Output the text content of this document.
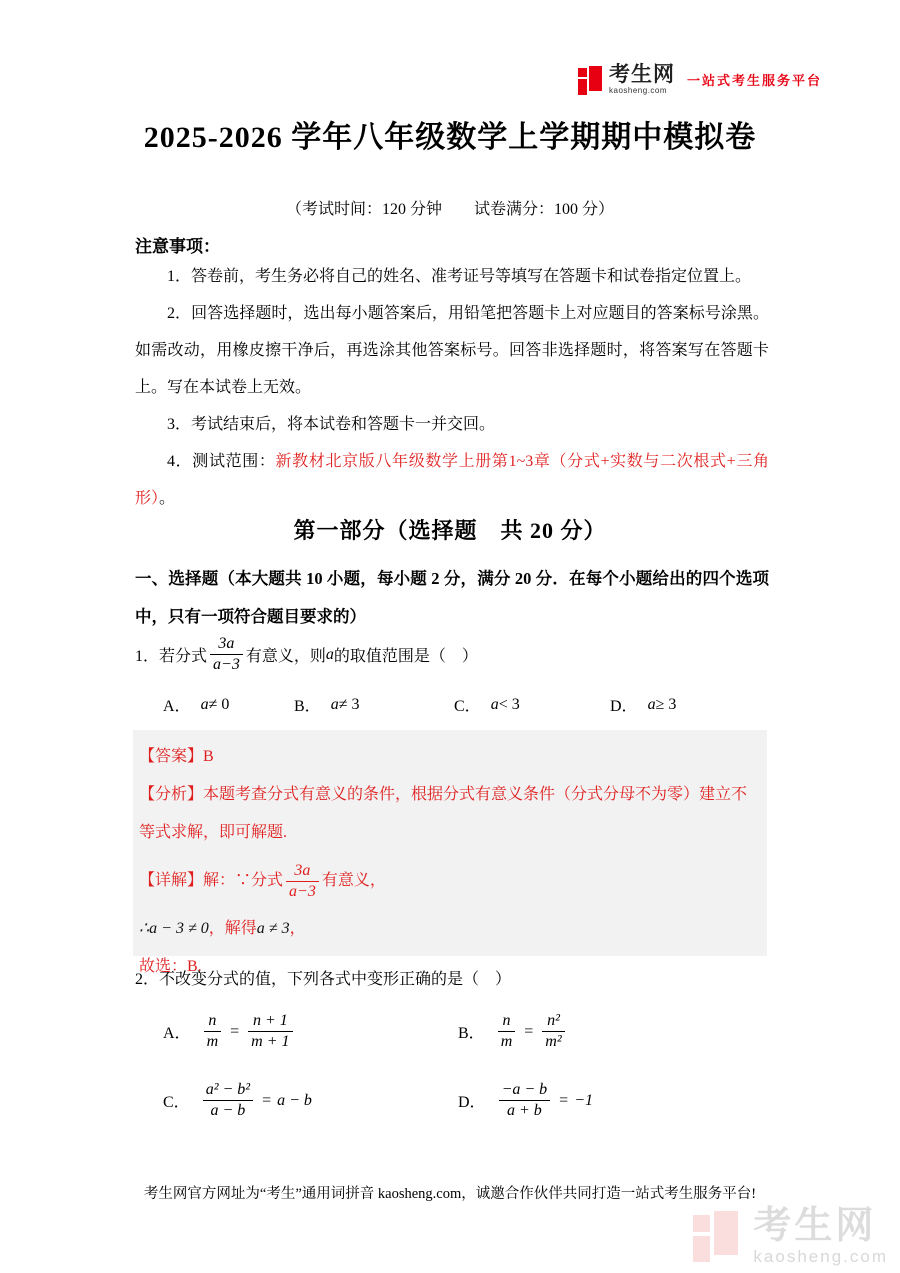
考生网
kaosheng.com
一站式考生服务平台
2025-2026 学年八年级数学上学期期中模拟卷
（考试时间：120 分钟　　试卷满分：100 分）
注意事项：

1．答卷前，考生务必将自己的姓名、准考证号等填写在答题卡和试卷指定位置上。

2．回答选择题时，选出每小题答案后，用铅笔把答题卡上对应题目的答案标号涂黑。如需改动，用橡皮擦干净后，再选涂其他答案标号。回答非选择题时，将答案写在答题卡上。写在本试卷上无效。

3．考试结束后，将本试卷和答题卡一并交回。

4．测试范围：新教材北京版八年级数学上册第1~3章（分式+实数与二次根式+三角形）。

第一部分（选择题　共 20 分）
一、选择题（本大题共 10 小题，每小题 2 分，满分 20 分．在每个小题给出的四个选项中，只有一项符合题目要求的）
1． 若分式 $\frac{3a}{a-3}$ 有意义，则 a 的取值范围是（　）
A． a ≠ 0	B． a ≠ 3	C． a < 3	D． a ≥ 3
【答案】B
【分析】本题考查分式有意义的条件，根据分式有意义条件（分式分母不为零）建立不等式求解，即可解题.
【详解】 解：∵分式 $\frac{3a}{a-3}$ 有意义，
∴a − 3 ≠ 0，解得a ≠ 3，
故选：B.
2．不改变分式的值，下列各式中变形正确的是（　）
A． $\frac{n}{m} = \frac{n + 1}{m + 1}$	B． $\frac{n}{m} = \frac{\text{n²}}{\text{m²}}$
C． $\frac{\text{a² − b²}}{a - b} = a - b$	D． $\frac{-a - b}{a + b} = -1$
考生网官方网址为“考生”通用词拼音 kaosheng.com，诚邀合作伙伴共同打造一站式考生服务平台!
考生网
kaosheng.com
